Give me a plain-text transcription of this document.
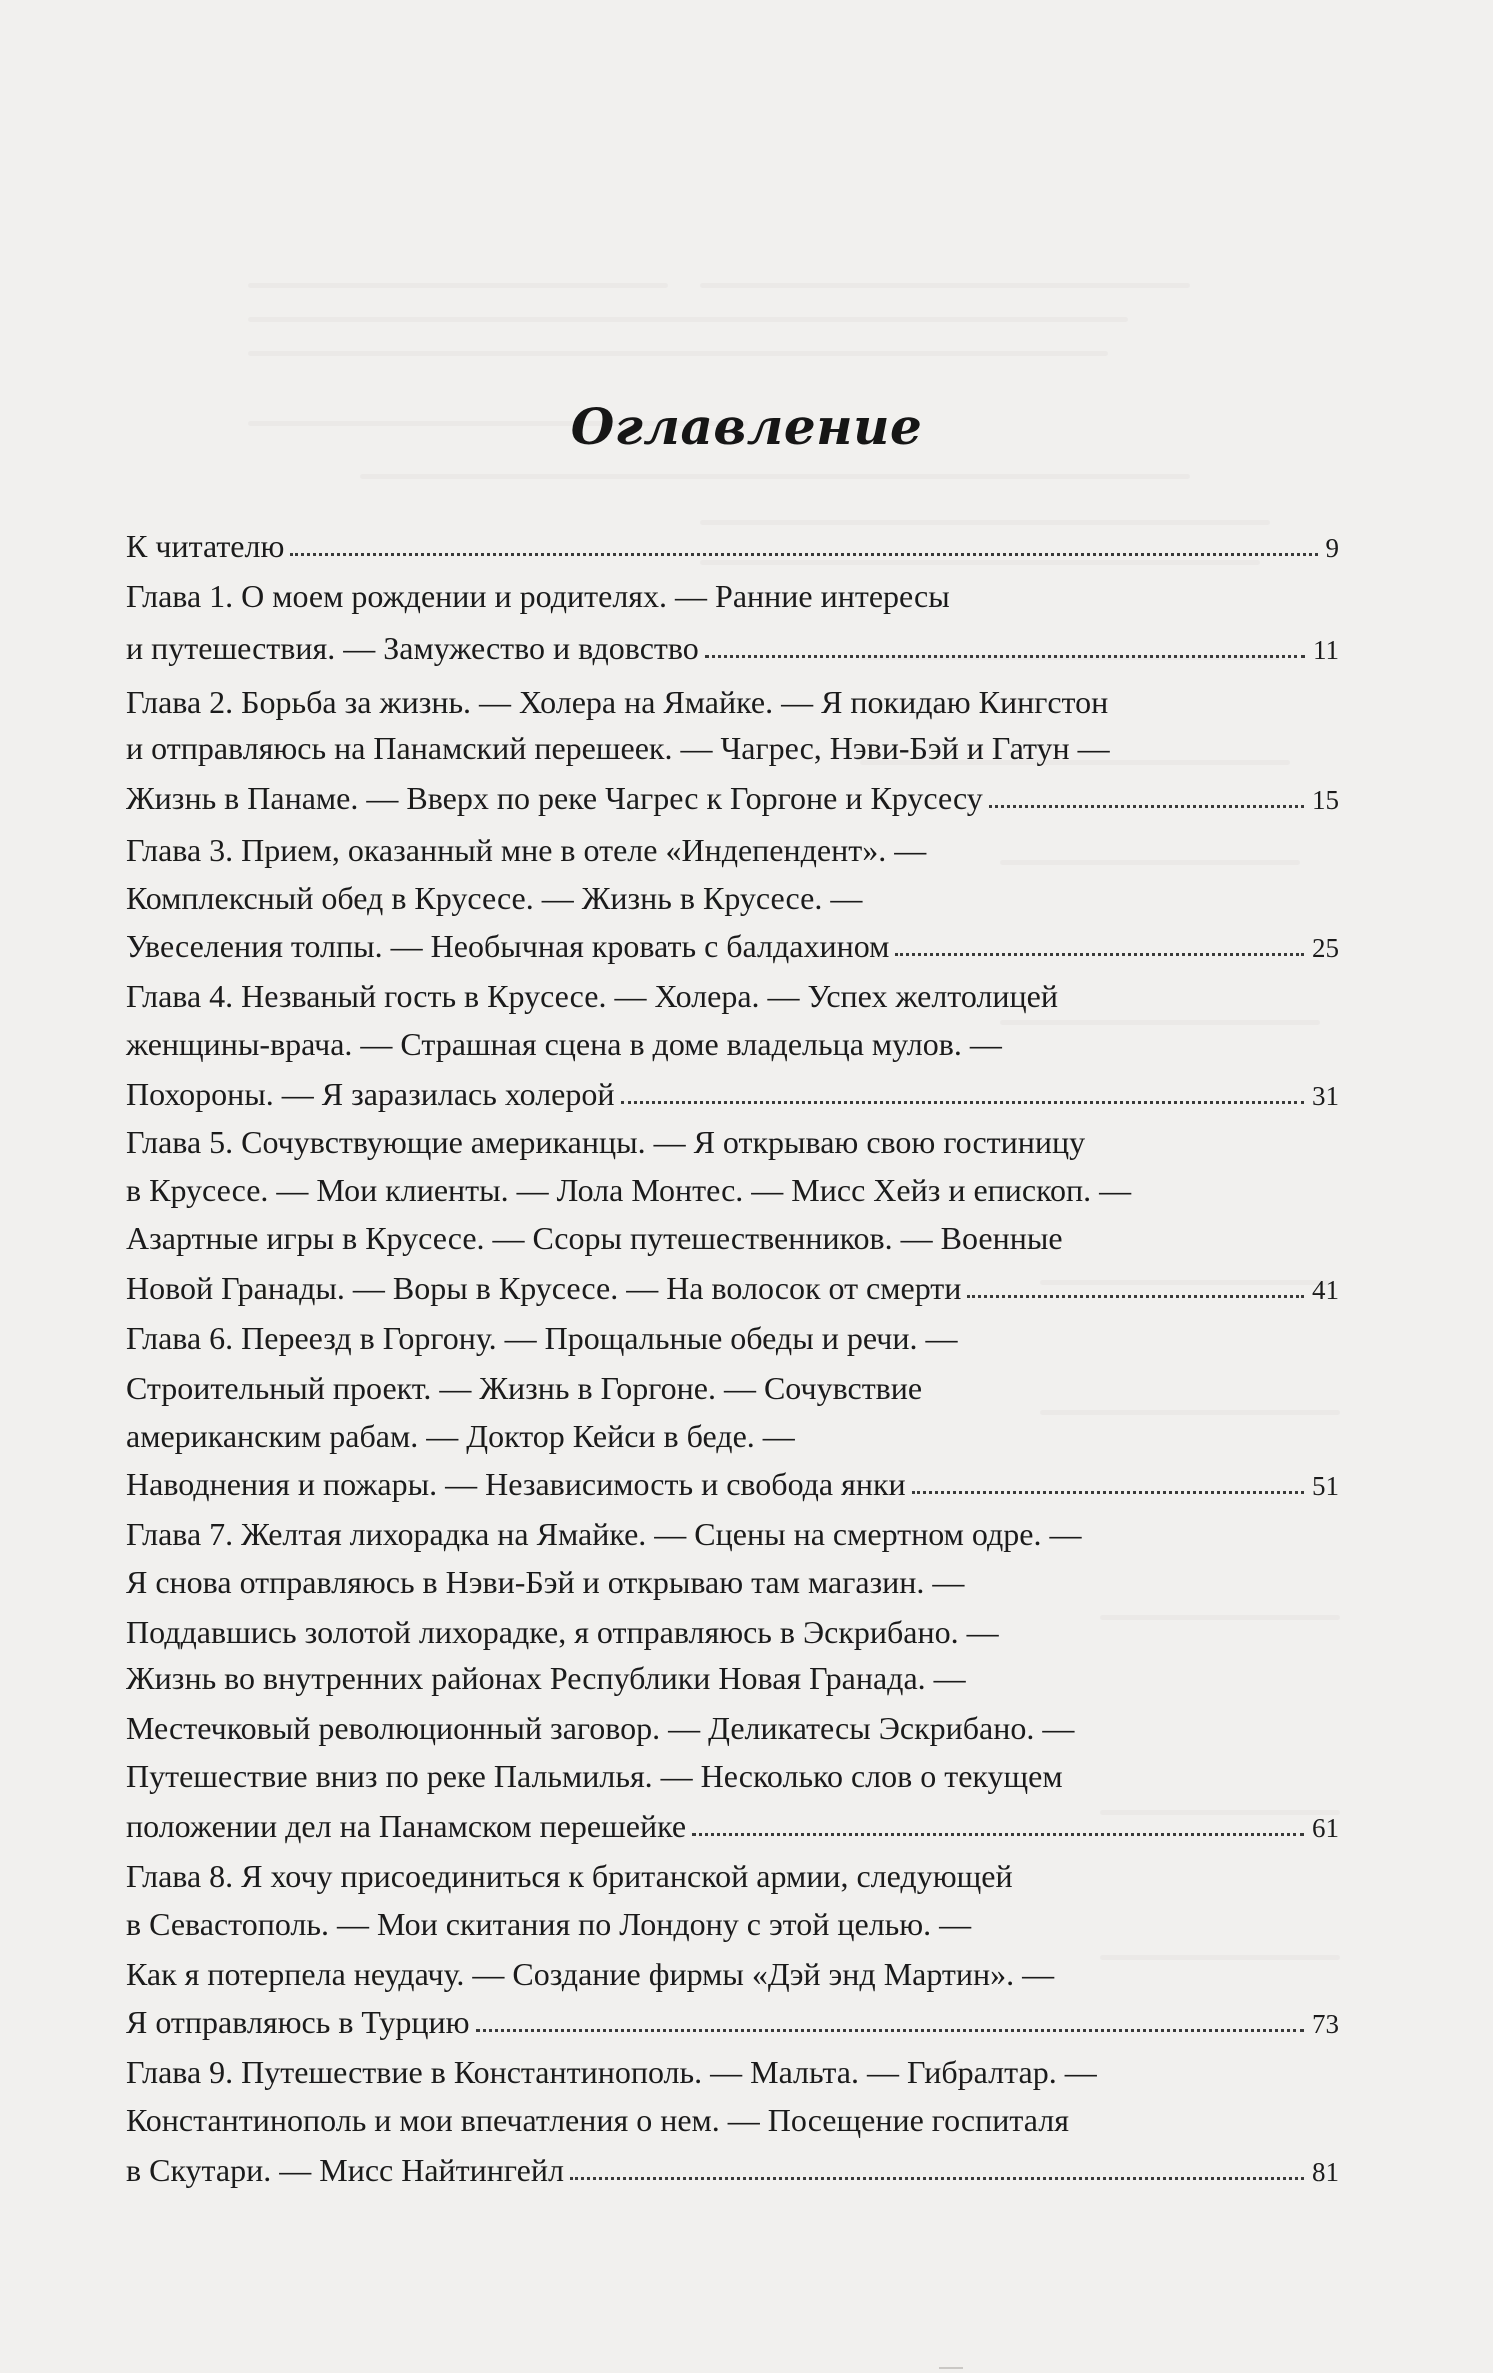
Оглавление
К читателю	9
Глава 1. О моем рождении и родителях. — Ранние интересы
и путешествия. — Замужество и вдовство	11
Глава 2. Борьба за жизнь. — Холера на Ямайке. — Я покидаю Кингстон
и отправляюсь на Панамский перешеек. — Чагрес, Нэви-Бэй и Гатун —
Жизнь в Панаме. — Вверх по реке Чагрес к Горгоне и Крусесу	15
Глава 3. Прием, оказанный мне в отеле «Индепендент». —
Комплексный обед в Крусесе. — Жизнь в Крусесе. —
Увеселения толпы. — Необычная кровать с балдахином	25
Глава 4. Незваный гость в Крусесе. — Холера. — Успех желтолицей
женщины-врача. — Страшная сцена в доме владельца мулов. —
Похороны. — Я заразилась холерой	31
Глава 5. Сочувствующие американцы. — Я открываю свою гостиницу
в Крусесе. — Мои клиенты. — Лола Монтес. — Мисс Хейз и епископ. —
Азартные игры в Крусесе. — Ссоры путешественников. — Военные
Новой Гранады. — Воры в Крусесе. — На волосок от смерти	41
Глава 6. Переезд в Горгону. — Прощальные обеды и речи. —
Строительный проект. — Жизнь в Горгоне. — Сочувствие
американским рабам. — Доктор Кейси в беде. —
Наводнения и пожары. — Независимость и свобода янки	51
Глава 7. Желтая лихорадка на Ямайке. — Сцены на смертном одре. —
Я снова отправляюсь в Нэви-Бэй и открываю там магазин. —
Поддавшись золотой лихорадке, я отправляюсь в Эскрибано. —
Жизнь во внутренних районах Республики Новая Гранада. —
Местечковый революционный заговор. — Деликатесы Эскрибано. —
Путешествие вниз по реке Пальмилья. — Несколько слов о текущем
положении дел на Панамском перешейке	61
Глава 8. Я хочу присоединиться к британской армии, следующей
в Севастополь. — Мои скитания по Лондону с этой целью. —
Как я потерпела неудачу. — Создание фирмы «Дэй энд Мартин». —
Я отправляюсь в Турцию	73
Глава 9. Путешествие в Константинополь. — Мальта. — Гибралтар. —
Константинополь и мои впечатления о нем. — Посещение госпиталя
в Скутари. — Мисс Найтингейл	81
